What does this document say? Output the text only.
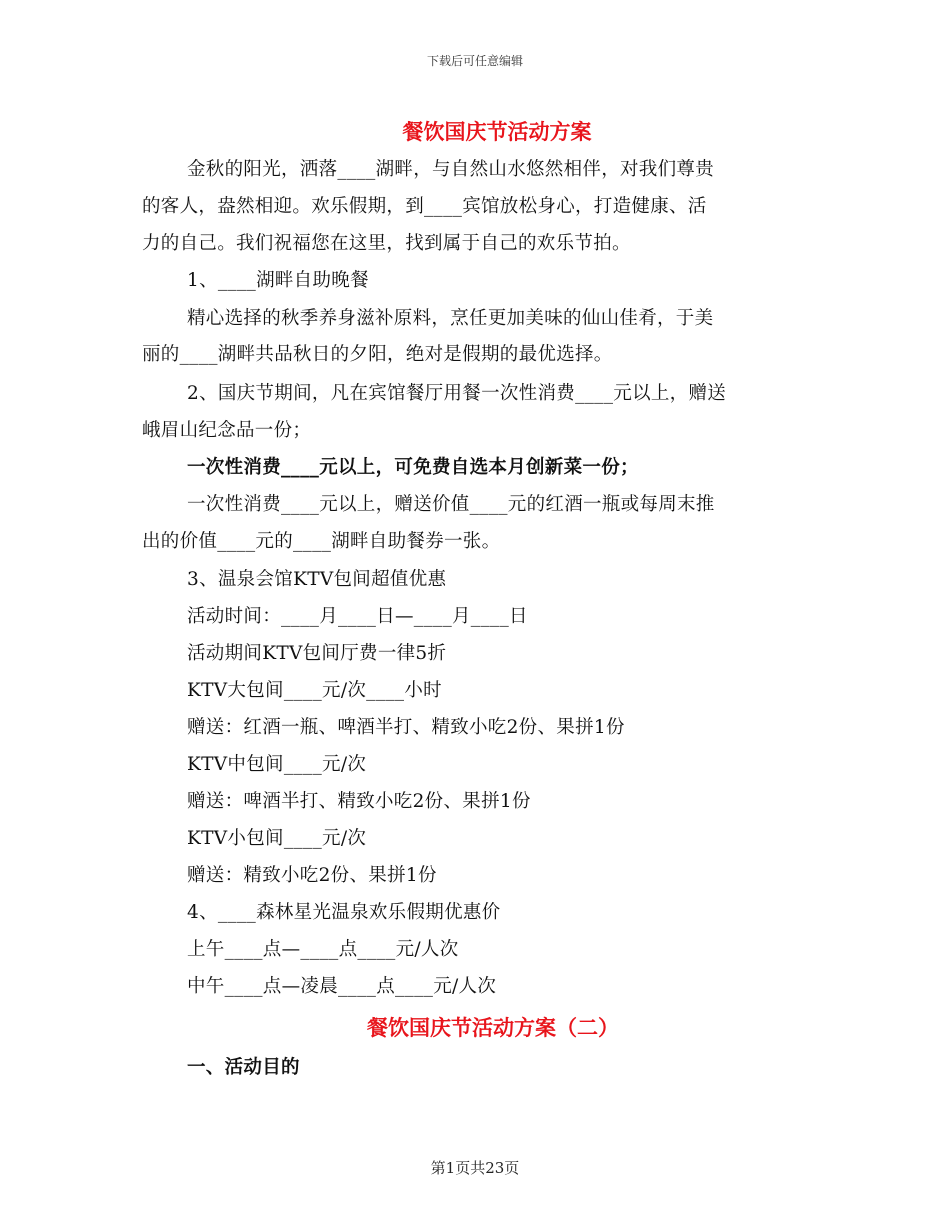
下载后可任意编辑
餐饮国庆节活动方案
金秋的阳光，洒落____湖畔，与自然山水悠然相伴，对我们尊贵
的客人，盎然相迎。欢乐假期，到____宾馆放松身心，打造健康、活
力的自己。我们祝福您在这里，找到属于自己的欢乐节拍。
1、____湖畔自助晚餐
精心选择的秋季养身滋补原料，烹任更加美味的仙山佳肴，于美
丽的____湖畔共品秋日的夕阳，绝对是假期的最优选择。
2、国庆节期间，凡在宾馆餐厅用餐一次性消费____元以上，赠送
峨眉山纪念品一份；
一次性消费____元以上，可免费自选本月创新菜一份；
一次性消费____元以上，赠送价值____元的红酒一瓶或每周末推
出的价值____元的____湖畔自助餐券一张。
3、温泉会馆KTV包间超值优惠
活动时间：____月____日—____月____日
活动期间KTV包间厅费一律5折
KTV大包间____元/次____小时
赠送：红酒一瓶、啤酒半打、精致小吃2份、果拼1份
KTV中包间____元/次
赠送：啤酒半打、精致小吃2份、果拼1份
KTV小包间____元/次
赠送：精致小吃2份、果拼1份
4、____森林星光温泉欢乐假期优惠价
上午____点—____点____元/人次
中午____点—凌晨____点____元/人次
餐饮国庆节活动方案（二）
一、活动目的
第1页共23页
